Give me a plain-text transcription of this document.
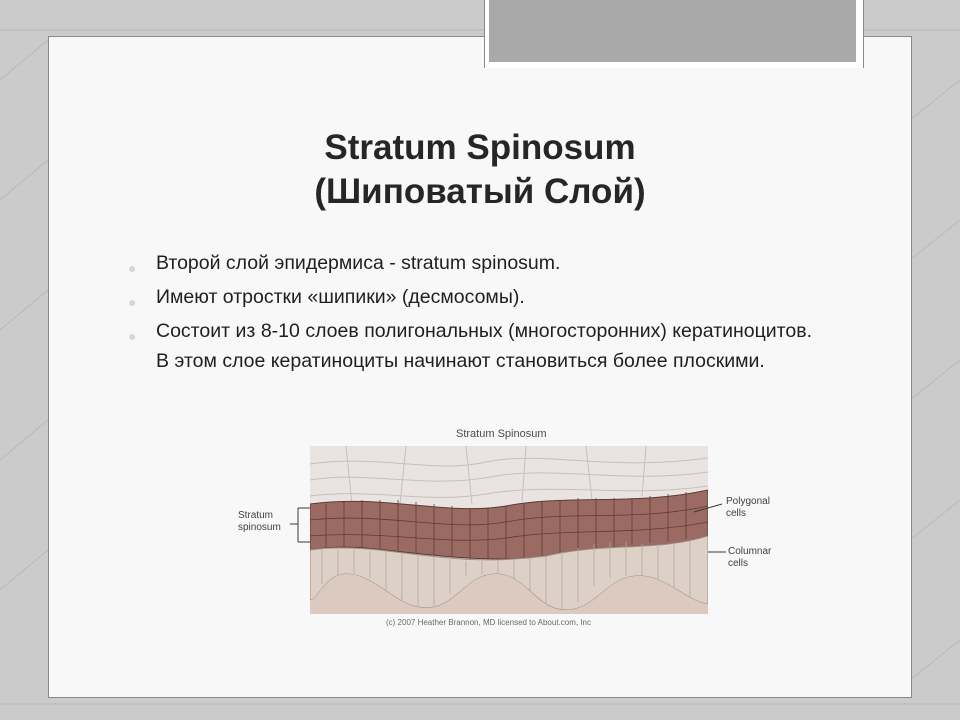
Stratum Spinosum
(Шиповатый Слой)
● Второй слой эпидермиса - stratum spinosum.
● Имеют отростки «шипики» (десмосомы).
● Состоит из 8-10 слоев полигональных (многосторонних) кератиноцитов. В этом слое кератиноциты начинают становиться более плоскими.
Stratum Spinosum
Stratum
spinosum
Polygonal
cells
Columnar
cells
(c) 2007 Heather Brannon, MD licensed to About.com, Inc
